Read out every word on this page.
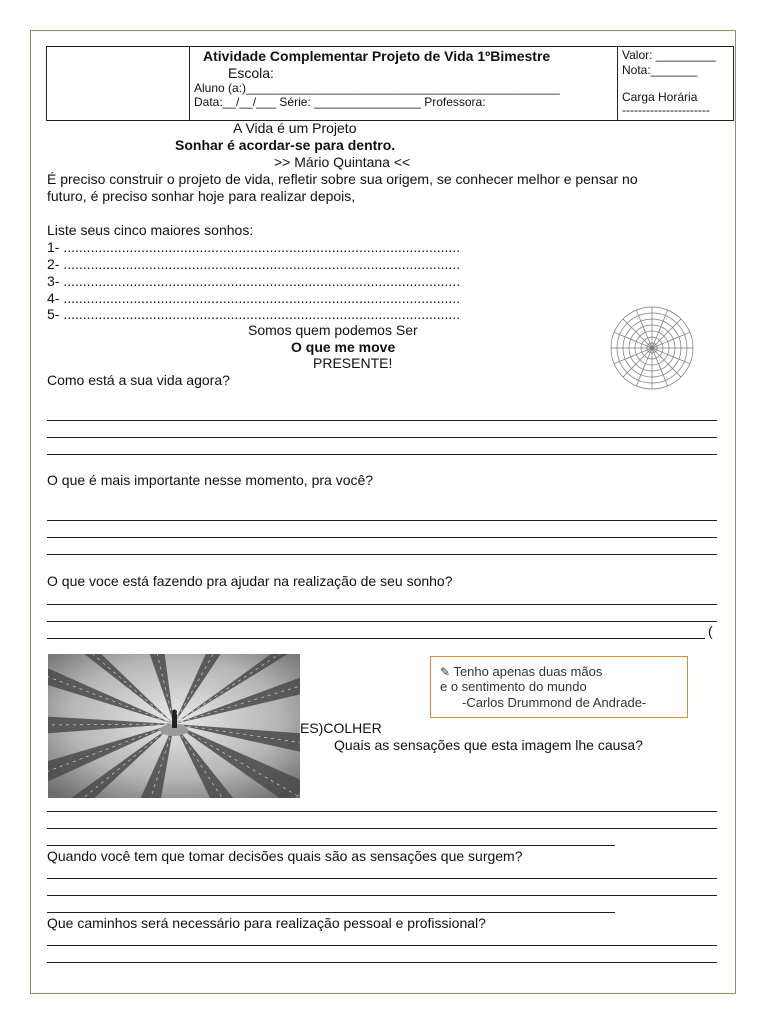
Atividade Complementar Projeto de Vida 1ºBimestre
Escola:
Aluno (a:)_______________________________________________
Data:__/__/___ Série: ________________ Professora:
Valor: _________
Nota:_______
Carga Horária
----------------------
A Vida é um Projeto
Sonhar é acordar-se para dentro.
>> Mário Quintana <<
É preciso construir o projeto de vida, refletir sobre sua origem, se conhecer melhor e pensar no
futuro, é preciso sonhar hoje para realizar depois,
Liste seus cinco maiores sonhos:
1- ......................................................................................................
2- ......................................................................................................
3- ......................................................................................................
4- ......................................................................................................
5- ......................................................................................................
Somos quem podemos Ser
O que me move
PRESENTE!
Como está a sua vida agora?
O que é mais importante nesse momento, pra você?
O que voce está fazendo pra ajudar na realização de seu sonho?
(
✎ Tenho apenas duas mãos
e o sentimento do mundo
-Carlos Drummond de Andrade-
ES)COLHER
Quais as sensações que esta imagem lhe causa?
Quando você tem que tomar decisões quais são as sensações que surgem?
Que caminhos será necessário para realização pessoal e profissional?
